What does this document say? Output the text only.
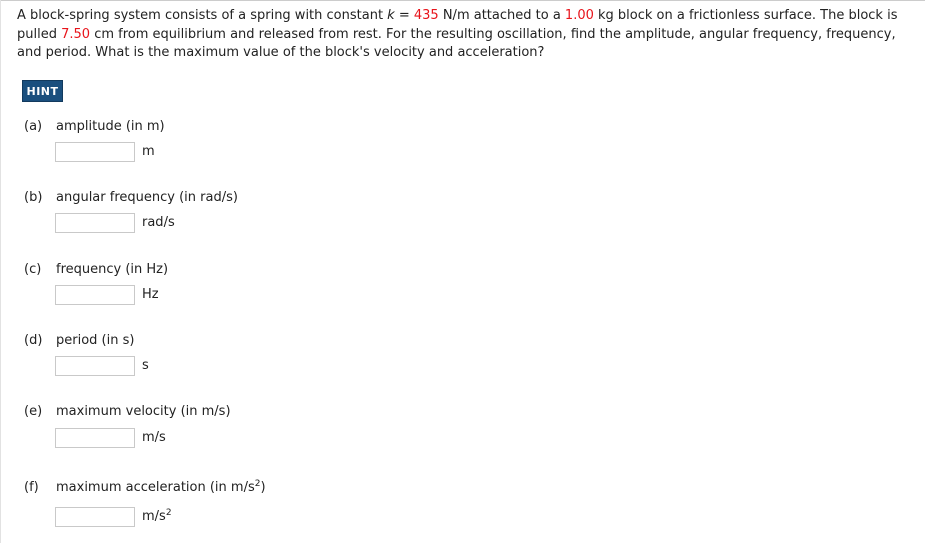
A block-spring system consists of a spring with constant k = 435 N/m attached to a 1.00 kg block on a frictionless surface. The block is pulled 7.50 cm from equilibrium and released from rest. For the resulting oscillation, find the amplitude, angular frequency, frequency, and period. What is the maximum value of the block's velocity and acceleration?

HINT
(a)	amplitude (in m)
m
(b)	angular frequency (in rad/s)
rad/s
(c)	frequency (in Hz)
Hz
(d)	period (in s)
s
(e)	maximum velocity (in m/s)
m/s
(f)	maximum acceleration (in $m/s^2$)
$m/s^2$
